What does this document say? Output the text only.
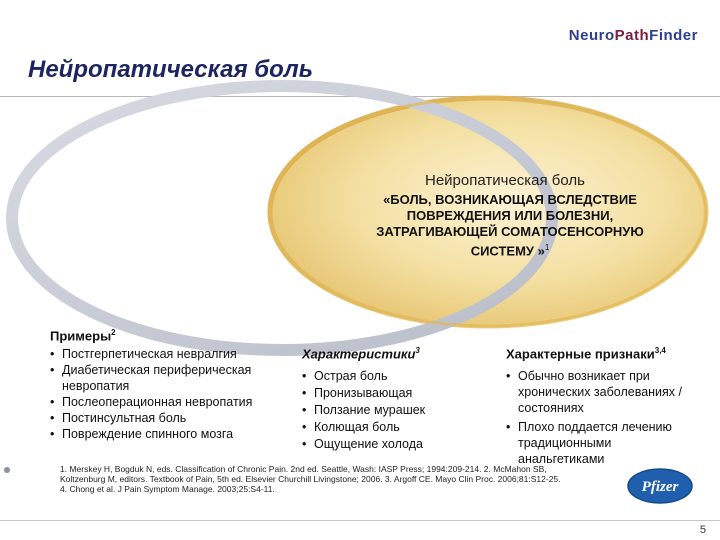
Neuro Path Finder
Нейропатическая боль
Нейропатическая боль
«БОЛЬ, ВОЗНИКАЮЩАЯ ВСЛЕДСТВИЕ
ПОВРЕЖДЕНИЯ ИЛИ БОЛЕЗНИ,
ЗАТРАГИВАЮЩЕЙ СОМАТОСЕНСОРНУЮ
СИСТЕМУ »$^1$
Примеры$^2$
• Постгерпетическая невралгия
• Диабетическая периферическая невропатия
• Послеоперационная невропатия
• Постинсультная боль
• Повреждение спинного мозга
Характеристики$^3$
• Острая боль
• Пронизывающая
• Ползание мурашек
• Колющая боль
• Ощущение холода
Характерные признаки$^{3,4}$
• Обычно возникает при хронических заболеваниях / состояниях
• Плохо поддается лечению традиционными анальгетиками
1. Merskey H, Bogduk N, eds. Classification of Chronic Pain. 2nd ed. Seattle, Wash: IASP Press; 1994:209-214. 2. McMahon SB,
Koltzenburg M, editors. Textbook of Pain, 5th ed. Elsevier Churchill Livingstone; 2006. 3. Argoff CE. Mayo Clin Proc. 2006;81:S12-25.
4. Chong et al. J Pain Symptom Manage. 2003;25:S4-11.	Pfizer
5
